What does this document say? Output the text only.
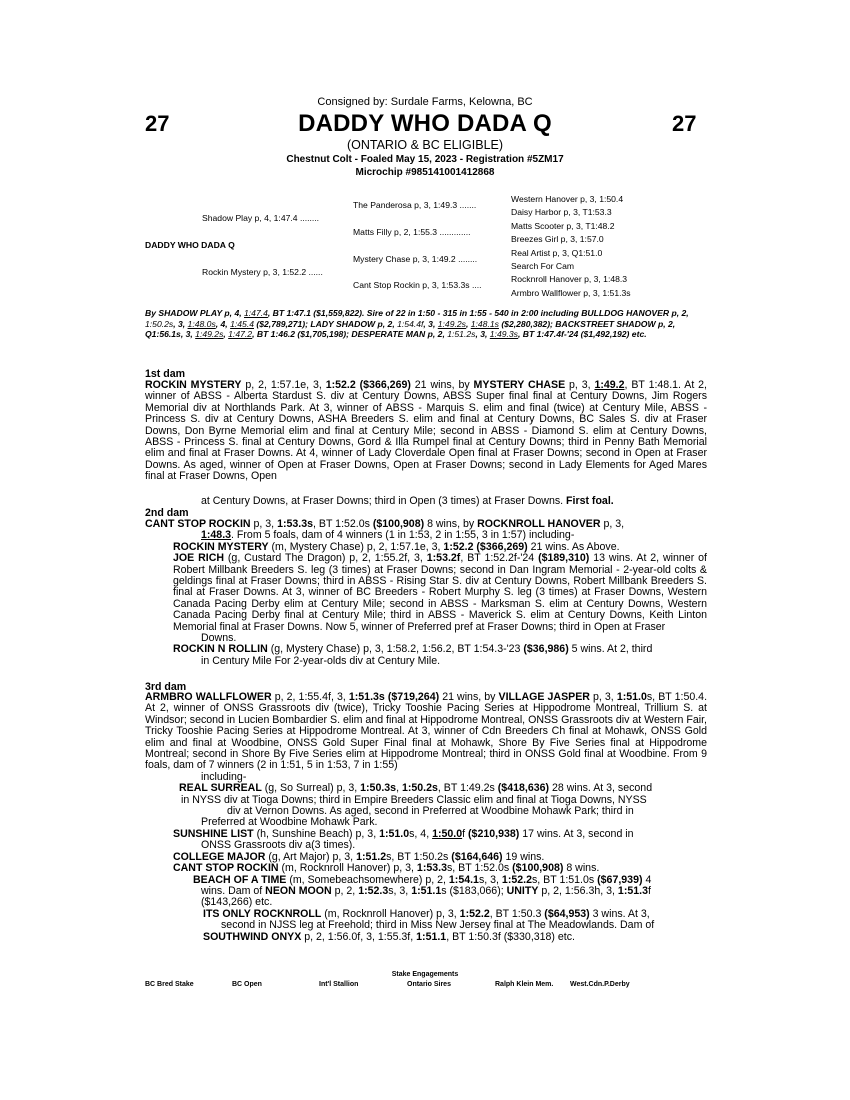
Consigned by: Surdale Farms, Kelowna, BC
27	DADDY WHO DADA Q	27
(ONTARIO & BC ELIGIBLE)
Chestnut Colt - Foaled May 15, 2023 - Registration #5ZM17
Microchip #985141001412868
DADDY WHO DADA Q
Shadow Play p, 4, 1:47.4 ........
Rockin Mystery p, 3, 1:52.2 ......
The Panderosa p, 3, 1:49.3 .......
Matts Filly p, 2, 1:55.3 .............
Mystery Chase p, 3, 1:49.2 ........
Cant Stop Rockin p, 3, 1:53.3s ....
Western Hanover p, 3, 1:50.4
Daisy Harbor p, 3, T1:53.3
Matts Scooter p, 3, T1:48.2
Breezes Girl p, 3, 1:57.0
Real Artist p, 3, Q1:51.0
Search For Cam
Rocknroll Hanover p, 3, 1:48.3
Armbro Wallflower p, 3, 1:51.3s
By SHADOW PLAY p, 4, 1:47.4, BT 1:47.1 ($1,559,822). Sire of 22 in 1:50 - 315 in 1:55 - 540 in 2:00 including BULLDOG HANOVER p, 2, 1:50.2s, 3, 1:48.0s, 4, 1:45.4 ($2,789,271); LADY SHADOW p, 2, 1:54.4f, 3, 1:49.2s, 1:48.1s ($2,280,382); BACKSTREET SHADOW p, 2, Q1:56.1s, 3, 1:49.2s, 1:47.2, BT 1:46.2 ($1,705,198); DESPERATE MAN p, 2, 1:51.2s, 3, 1:49.3s, BT 1:47.4f-'24 ($1,492,192) etc.
1st dam
ROCKIN MYSTERY p, 2, 1:57.1e, 3, 1:52.2 ($366,269) 21 wins, by MYSTERY CHASE p, 3, 1:49.2, BT 1:48.1. At 2, winner of ABSS - Alberta Stardust S. div at Century Downs, ABSS Super final final at Century Downs, Jim Rogers Memorial div at Northlands Park. At 3, winner of ABSS - Marquis S. elim and final (twice) at Century Mile, ABSS - Princess S. div at Century Downs, ASHA Breeders S. elim and final at Century Downs, BC Sales S. div at Fraser Downs, Don Byrne Memorial elim and final at Century Mile; second in ABSS - Diamond S. elim at Century Downs, ABSS - Princess S. final at Century Downs, Gord & Illa Rumpel final at Century Downs; third in Penny Bath Memorial elim and final at Fraser Downs. At 4, winner of Lady Cloverdale Open final at Fraser Downs; second in Open at Fraser Downs. As aged, winner of Open at Fraser Downs, Open at Fraser Downs; second in Lady Elements for Aged Mares final at Fraser Downs, Open
at Century Downs, at Fraser Downs; third in Open (3 times) at Fraser Downs. First foal.
2nd dam
CANT STOP ROCKIN p, 3, 1:53.3s, BT 1:52.0s ($100,908) 8 wins, by ROCKNROLL HANOVER p, 3,
1:48.3. From 5 foals, dam of 4 winners (1 in 1:53, 2 in 1:55, 3 in 1:57) including-
ROCKIN MYSTERY (m, Mystery Chase) p, 2, 1:57.1e, 3, 1:52.2 ($366,269) 21 wins. As Above.
JOE RICH (g, Custard The Dragon) p, 2, 1:55.2f, 3, 1:53.2f, BT 1:52.2f-'24 ($189,310) 13 wins. At 2, winner of Robert Millbank Breeders S. leg (3 times) at Fraser Downs; second in Dan Ingram Memorial - 2-year-old colts & geldings final at Fraser Downs; third in ABSS - Rising Star S. div at Century Downs, Robert Millbank Breeders S. final at Fraser Downs. At 3, winner of BC Breeders - Robert Murphy S. leg (3 times) at Fraser Downs, Western Canada Pacing Derby elim at Century Mile; second in ABSS - Marksman S. elim at Century Downs, Western Canada Pacing Derby final at Century Mile; third in ABSS - Maverick S. elim at Century Downs, Keith Linton Memorial final at Fraser Downs. Now 5, winner of Preferred pref at Fraser Downs; third in Open at Fraser
Downs.
ROCKIN N ROLLIN (g, Mystery Chase) p, 3, 1:58.2, 1:56.2, BT 1:54.3-'23 ($36,986) 5 wins. At 2, third
in Century Mile For 2-year-olds div at Century Mile.
3rd dam
ARMBRO WALLFLOWER p, 2, 1:55.4f, 3, 1:51.3s ($719,264) 21 wins, by VILLAGE JASPER p, 3, 1:51.0s, BT 1:50.4. At 2, winner of ONSS Grassroots div (twice), Tricky Tooshie Pacing Series at Hippodrome Montreal, Trillium S. at Windsor; second in Lucien Bombardier S. elim and final at Hippodrome Montreal, ONSS Grassroots div at Western Fair, Tricky Tooshie Pacing Series at Hippodrome Montreal. At 3, winner of Cdn Breeders Ch final at Mohawk, ONSS Gold elim and final at Woodbine, ONSS Gold Super Final final at Mohawk, Shore By Five Series final at Hippodrome Montreal; second in Shore By Five Series elim at Hippodrome Montreal; third in ONSS Gold final at Woodbine. From 9 foals, dam of 7 winners (2 in 1:51, 5 in 1:53, 7 in 1:55)
including-
REAL SURREAL (g, So Surreal) p, 3, 1:50.3s, 1:50.2s, BT 1:49.2s ($418,636) 28 wins. At 3, second
in NYSS div at Tioga Downs; third in Empire Breeders Classic elim and final at Tioga Downs, NYSS
div at Vernon Downs. As aged, second in Preferred at Woodbine Mohawk Park; third in
Preferred at Woodbine Mohawk Park.
SUNSHINE LIST (h, Sunshine Beach) p, 3, 1:51.0s, 4, 1:50.0f ($210,938) 17 wins. At 3, second in
ONSS Grassroots div a(3 times).
COLLEGE MAJOR (g, Art Major) p, 3, 1:51.2s, BT 1:50.2s ($164,646) 19 wins.
CANT STOP ROCKIN (m, Rocknroll Hanover) p, 3, 1:53.3s, BT 1:52.0s ($100,908) 8 wins.
BEACH OF A TIME (m, Somebeachsomewhere) p, 2, 1:54.1s, 3, 1:52.2s, BT 1:51.0s ($67,939) 4
wins. Dam of NEON MOON p, 2, 1:52.3s, 3, 1:51.1s ($183,066); UNITY p, 2, 1:56.3h, 3, 1:51.3f
($143,266) etc.
ITS ONLY ROCKNROLL (m, Rocknroll Hanover) p, 3, 1:52.2, BT 1:50.3 ($64,953) 3 wins. At 3,
second in NJSS leg at Freehold; third in Miss New Jersey final at The Meadowlands. Dam of
SOUTHWIND ONYX p, 2, 1:56.0f, 3, 1:55.3f, 1:51.1, BT 1:50.3f ($330,318) etc.
Stake Engagements
BC Bred Stake	BC Open	Int'l Stallion	Ontario Sires	Ralph Klein Mem. West.Cdn.P.Derby
